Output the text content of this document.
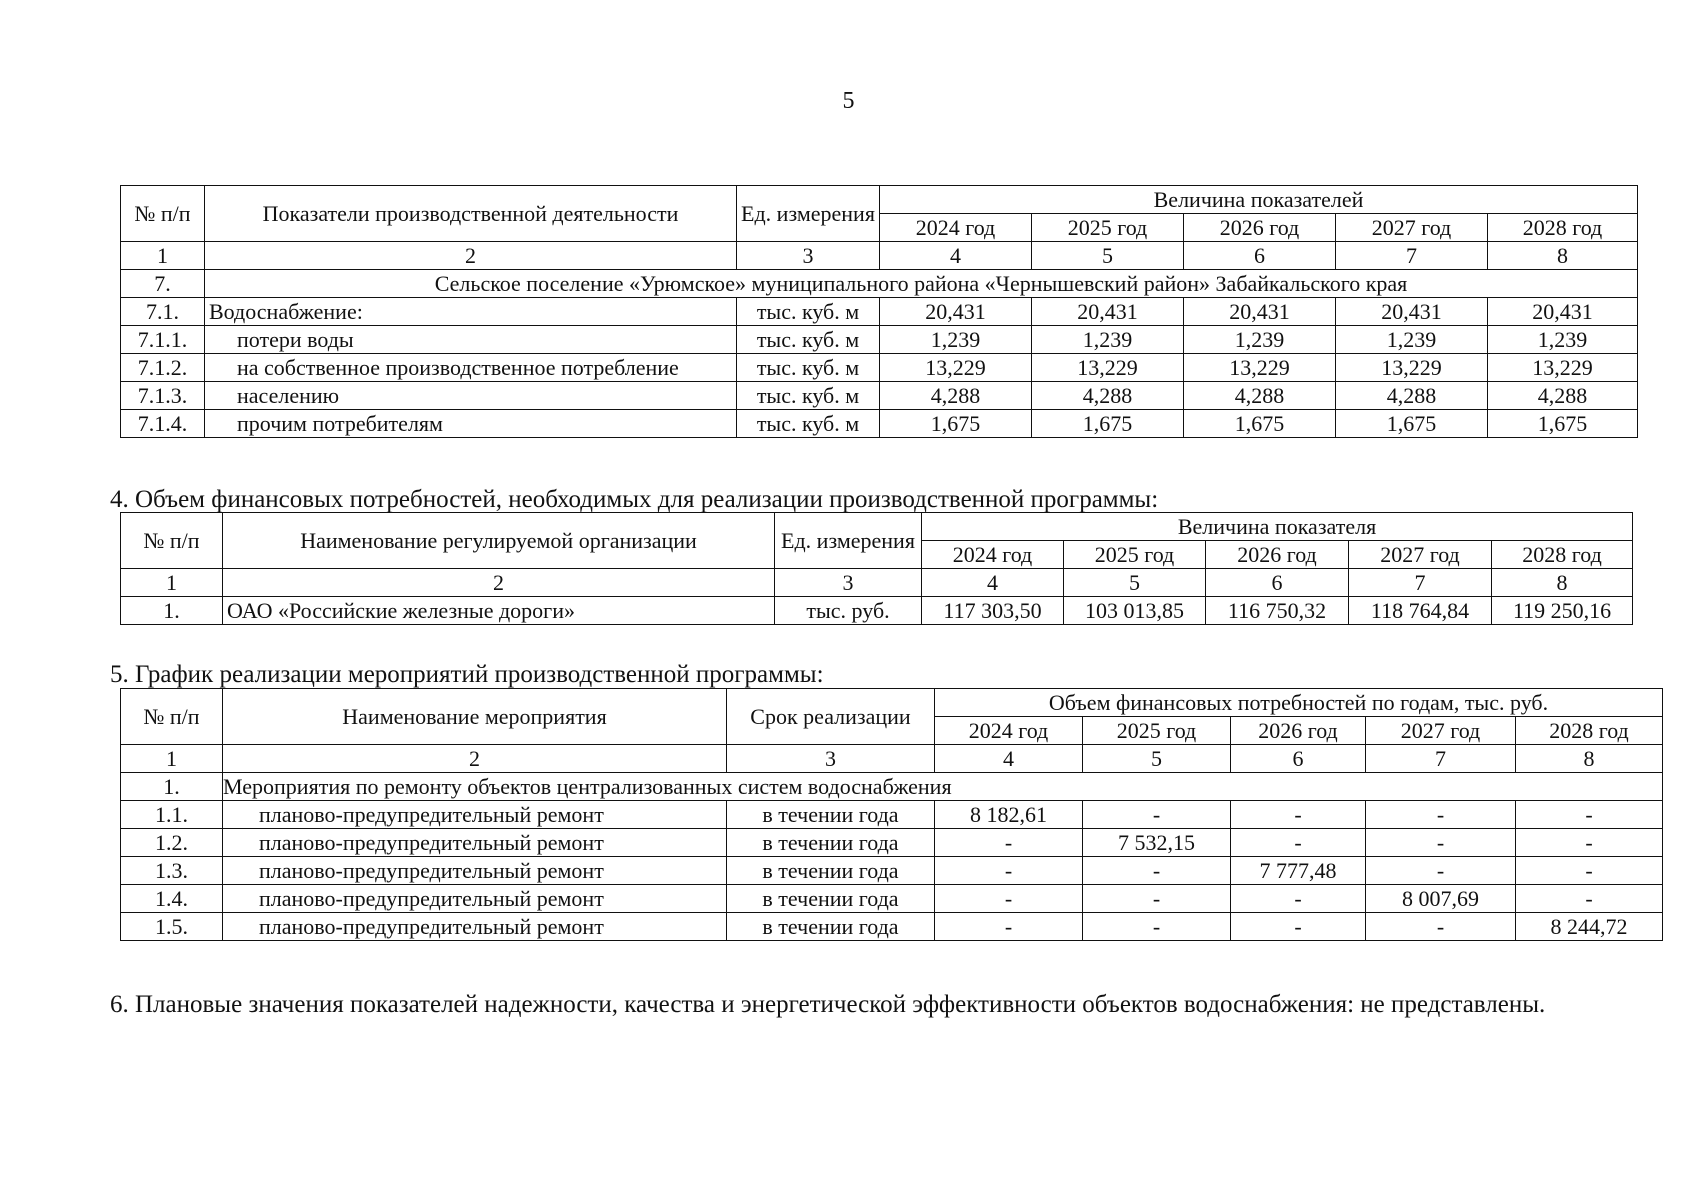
5
№ п/п	Показатели производственной деятельности	Ед. измерения	Величина показателей				
			2024 год	2025 год	2026 год	2027 год	2028 год
1	2	3	4	5	6	7	8
7.	Сельское поселение «Урюмское» муниципального района «Чернышевский район» Забайкальского края						
7.1.	Водоснабжение:	тыс. куб. м	20,431	20,431	20,431	20,431	20,431
7.1.1.	потери воды	тыс. куб. м	1,239	1,239	1,239	1,239	1,239
7.1.2.	на собственное производственное потребление	тыс. куб. м	13,229	13,229	13,229	13,229	13,229
7.1.3.	населению	тыс. куб. м	4,288	4,288	4,288	4,288	4,288
7.1.4.	прочим потребителям	тыс. куб. м	1,675	1,675	1,675	1,675	1,675
4. Объем финансовых потребностей, необходимых для реализации производственной программы:
№ п/п	Наименование регулируемой организации	Ед. измерения	Величина показателя				
			2024 год	2025 год	2026 год	2027 год	2028 год
1	2	3	4	5	6	7	8
1.	ОАО «Российские железные дороги»	тыс. руб.	117 303,50	103 013,85	116 750,32	118 764,84	119 250,16
5. График реализации мероприятий производственной программы:
№ п/п	Наименование мероприятия	Срок реализации	Объем финансовых потребностей по годам, тыс. руб.				
			2024 год	2025 год	2026 год	2027 год	2028 год
1	2	3	4	5	6	7	8
1.	Мероприятия по ремонту объектов централизованных систем водоснабжения						
1.1.	планово-предупредительный ремонт	в течении года	8 182,61	-	-	-	-
1.2.	планово-предупредительный ремонт	в течении года	-	7 532,15	-	-	-
1.3.	планово-предупредительный ремонт	в течении года	-	-	7 777,48	-	-
1.4.	планово-предупредительный ремонт	в течении года	-	-	-	8 007,69	-
1.5.	планово-предупредительный ремонт	в течении года	-	-	-	-	8 244,72
6. Плановые значения показателей надежности, качества и энергетической эффективности объектов водоснабжения: не представлены.
